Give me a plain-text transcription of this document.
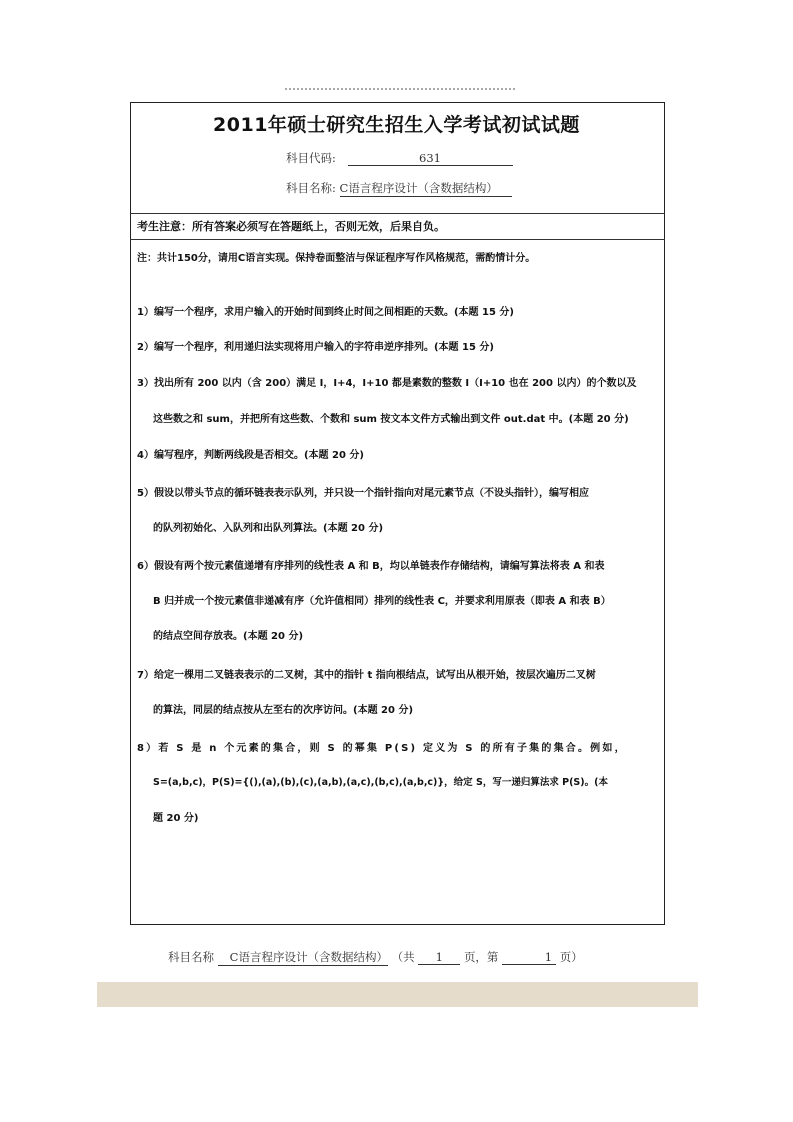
2011年硕士研究生招生入学考试初试试题
科目代码:	631
科目名称: C语言程序设计（含数据结构）
考生注意：所有答案必须写在答题纸上，否则无效，后果自负。
注：共计150分，请用C语言实现。保持卷面整洁与保证程序写作风格规范，需酌情计分。
1）编写一个程序，求用户输入的开始时间到终止时间之间相距的天数。(本题 15 分)
2）编写一个程序，利用递归法实现将用户输入的字符串逆序排列。(本题 15 分)
3）找出所有 200 以内（含 200）满足 I，I+4，I+10 都是素数的整数 I（I+10 也在 200 以内）的个数以及
这些数之和 sum，并把所有这些数、个数和 sum 按文本文件方式输出到文件 out.dat 中。(本题 20 分)
4）编写程序，判断两线段是否相交。(本题 20 分)
5）假设以带头节点的循环链表表示队列，并只设一个指针指向对尾元素节点（不设头指针），编写相应
的队列初始化、入队列和出队列算法。(本题 20 分)
6）假设有两个按元素值递增有序排列的线性表 A 和 B，均以单链表作存储结构，请编写算法将表 A 和表
B 归并成一个按元素值非递减有序（允许值相同）排列的线性表 C，并要求利用原表（即表 A 和表 B）
的结点空间存放表。(本题 20 分)
7）给定一棵用二叉链表表示的二叉树，其中的指针 t 指向根结点，试写出从根开始，按层次遍历二叉树
的算法，同层的结点按从左至右的次序访问。(本题 20 分)
8）若 S 是 n 个元素的集合，则 S 的幂集 P(S) 定义为 S 的所有子集的集合。例如，
S=(a,b,c)，P(S)={(),(a),(b),(c),(a,b),(a,c),(b,c),(a,b,c)}，给定 S，写一递归算法求 P(S)。(本
题 20 分)
科目名称 C语言程序设计（含数据结构） （共 1 页，第	1 页）
